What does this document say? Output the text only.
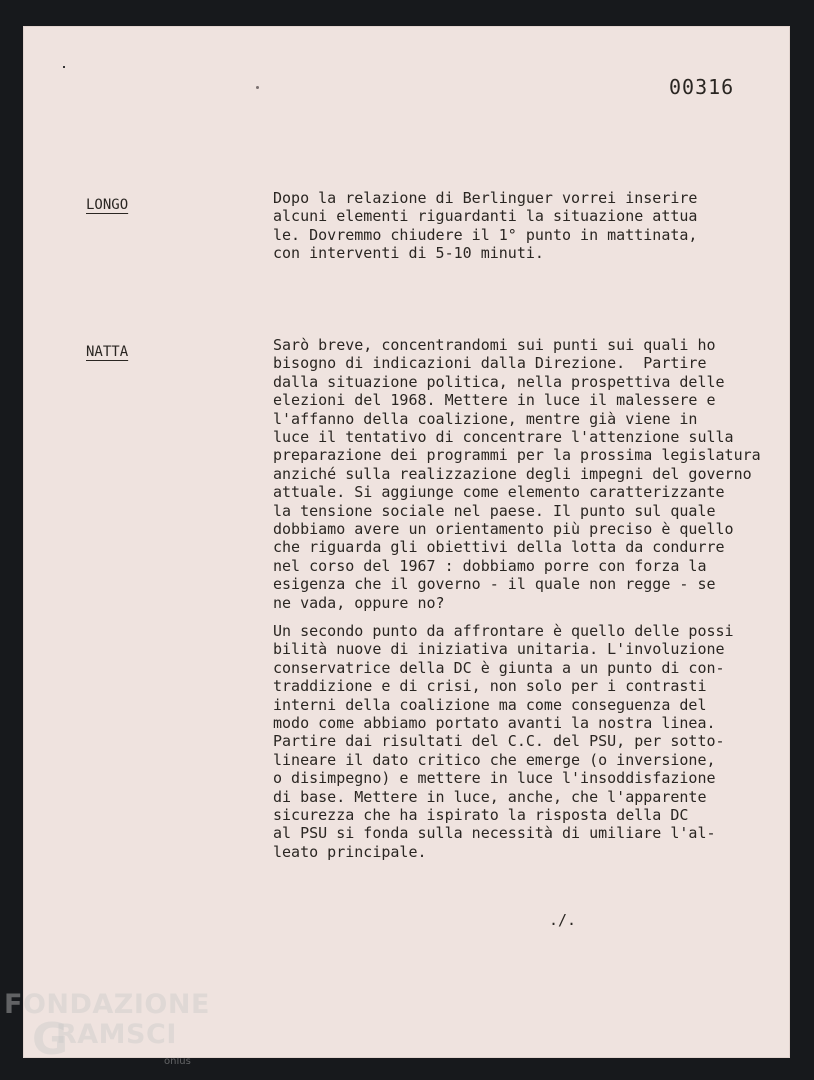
00316
LONGO	Dopo la relazione di Berlinguer vorrei inserire
alcuni elementi riguardanti la situazione attua
le. Dovremmo chiudere il 1° punto in mattinata,
con interventi di 5-10 minuti.

NATTA	Sarò breve, concentrandomi sui punti sui quali ho
bisogno di indicazioni dalla Direzione.  Partire
dalla situazione politica, nella prospettiva delle
elezioni del 1968. Mettere in luce il malessere e
l'affanno della coalizione, mentre già viene in
luce il tentativo di concentrare l'attenzione sulla
preparazione dei programmi per la prossima legislatura
anziché sulla realizzazione degli impegni del governo
attuale. Si aggiunge come elemento caratterizzante
la tensione sociale nel paese. Il punto sul quale
dobbiamo avere un orientamento più preciso è quello
che riguarda gli obiettivi della lotta da condurre
nel corso del 1967 : dobbiamo porre con forza la
esigenza che il governo - il quale non regge - se
ne vada, oppure no?

Un secondo punto da affrontare è quello delle possi
bilità nuove di iniziativa unitaria. L'involuzione
conservatrice della DC è giunta a un punto di con-
traddizione e di crisi, non solo per i contrasti
interni della coalizione ma come conseguenza del
modo come abbiamo portato avanti la nostra linea.
Partire dai risultati del C.C. del PSU, per sotto-
lineare il dato critico che emerge (o inversione,
o disimpegno) e mettere in luce l'insoddisfazione
di base. Mettere in luce, anche, che l'apparente
sicurezza che ha ispirato la risposta della DC
al PSU si fonda sulla necessità di umiliare l'al-
leato principale.

./.
FONDAZIONE
G
RAMSCI
onlus
